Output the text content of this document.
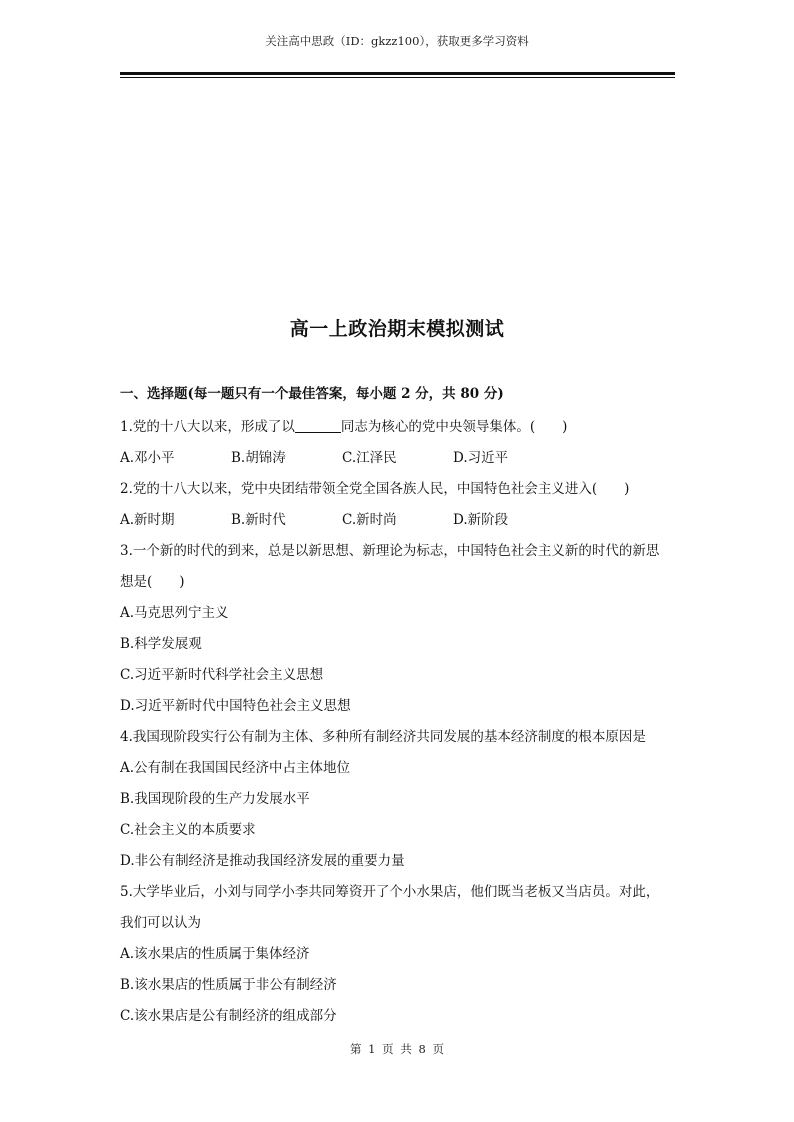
关注高中思政（ID：gkzz100），获取更多学习资料
高一上政治期末模拟测试
一、选择题(每一题只有一个最佳答案，每小题 2 分，共 80 分)
1.党的十八大以来，形成了以	同志为核心的党中央领导集体。(　　)
A.邓小平	B.胡锦涛	C.江泽民	D.习近平
2.党的十八大以来，党中央团结带领全党全国各族人民，中国特色社会主义进入(　　)
A.新时期	B.新时代	C.新时尚	D.新阶段
3.一个新的时代的到来，总是以新思想、新理论为标志，中国特色社会主义新的时代的新思
想是(　　)
A.马克思列宁主义
B.科学发展观
C.习近平新时代科学社会主义思想
D.习近平新时代中国特色社会主义思想
4.我国现阶段实行公有制为主体、多种所有制经济共同发展的基本经济制度的根本原因是
A.公有制在我国国民经济中占主体地位
B.我国现阶段的生产力发展水平
C.社会主义的本质要求
D.非公有制经济是推动我国经济发展的重要力量
5.大学毕业后，小刘与同学小李共同筹资开了个小水果店，他们既当老板又当店员。对此，
我们可以认为
A.该水果店的性质属于集体经济
B.该水果店的性质属于非公有制经济
C.该水果店是公有制经济的组成部分
第 1 页 共 8 页
